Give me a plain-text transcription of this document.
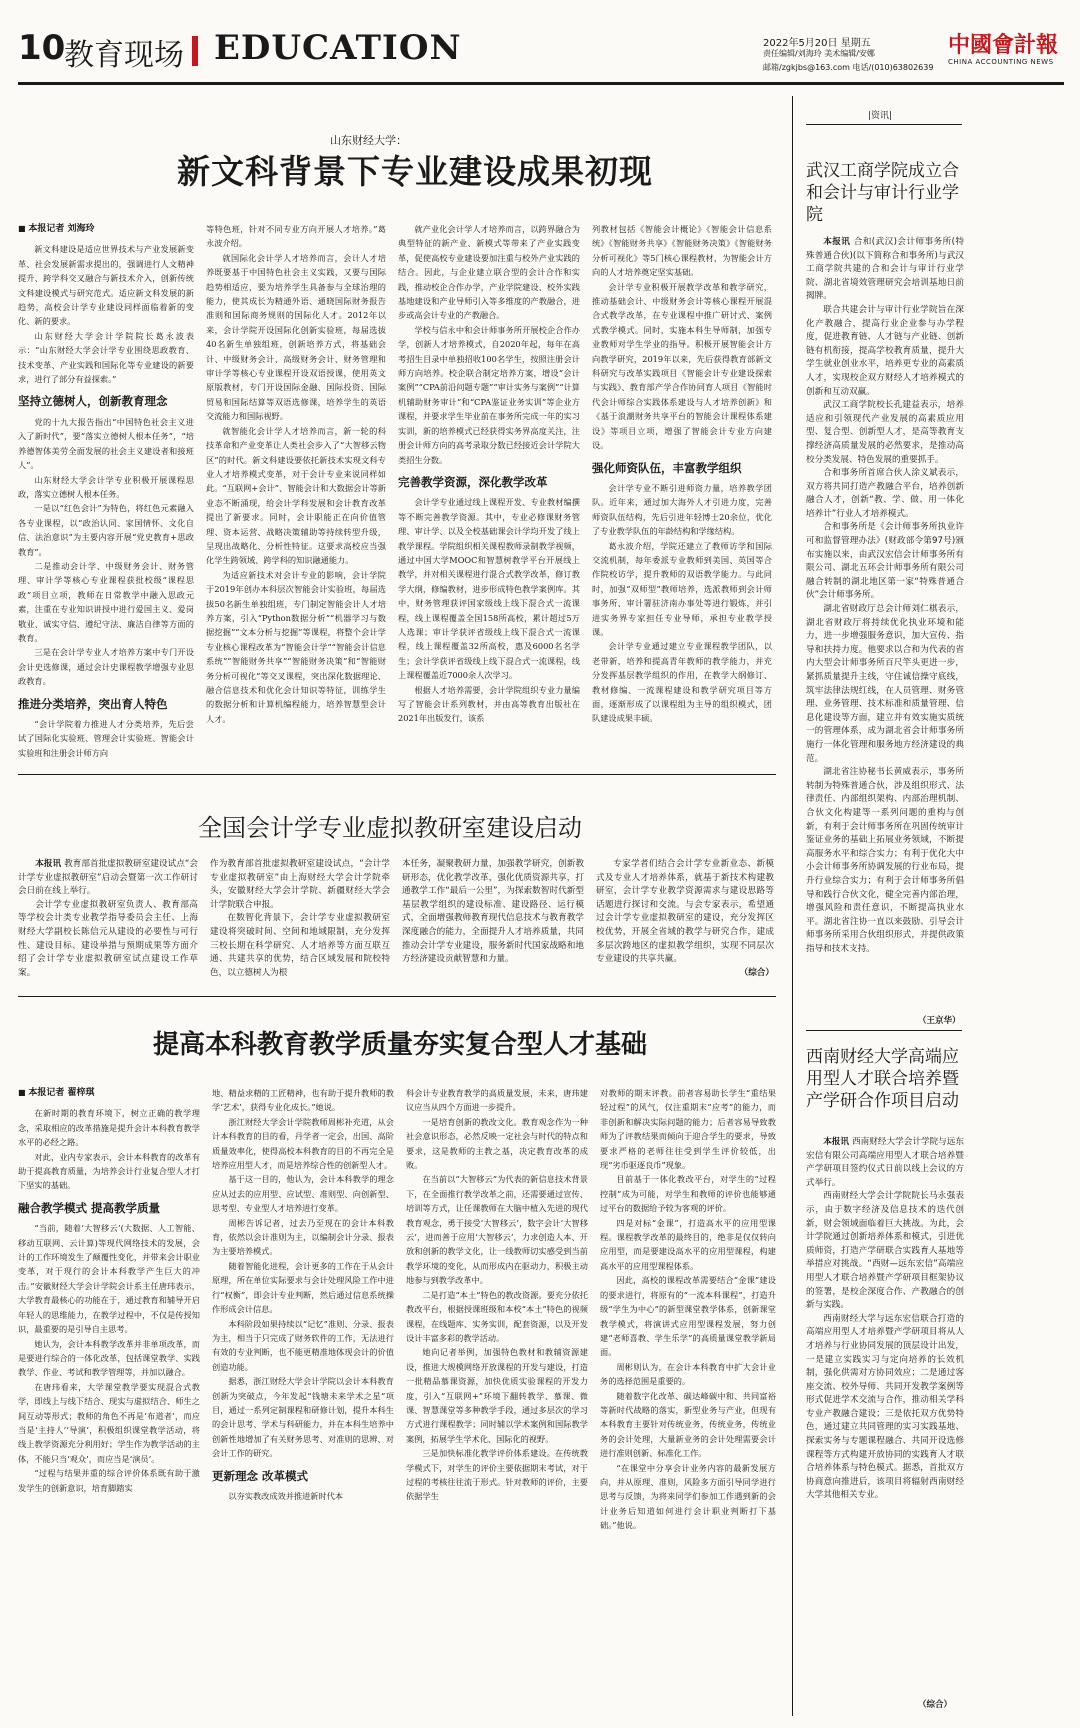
10
教育现场 EDUCATION	2022年5月20日 星期五
责任编辑/刘海玲 美术编辑/安娜
邮箱/zgkjbs@163.com 电话/(010)63802639
中國會計報
CHINA ACCOUNTING NEWS
山东财经大学：
新文科背景下专业建设成果初现
■ 本报记者 刘海玲

新文科建设是适应世界技术与产业发展新变革、社会发展新需求提出的，强调进行人文精神提升、跨学科交叉融合与新技术介入，创新传统文科建设模式与研究范式。适应新文科发展的新趋势，高校会计学专业建设同样面临着新的变化、新的要求。

山东财经大学会计学院院长葛永波表示：“山东财经大学会计学专业围绕思政教育、技术变革、产业实践和国际化等专业建设的新要求，进行了部分有益探索。”

坚持立德树人，创新教育理念

党的十九大报告指出“中国特色社会主义进入了新时代”，要“落实立德树人根本任务”，“培养德智体美劳全面发展的社会主义建设者和接班人”。

山东财经大学会计学专业积极开展课程思政，落实立德树人根本任务。

一是以“红色会计”为特色，将红色元素融入各专业课程，以“政治认同、家国情怀、文化自信、法治意识”为主要内容开展“党史教育+思政教育”。

二是推动会计学、中级财务会计、财务管理、审计学等核心专业课程获批校级“课程思政”项目立项，教师在日常教学中融入思政元素，注重在专业知识讲授中进行爱国主义、爱岗敬业、诚实守信、遵纪守法、廉洁自律等方面的教育。

三是在会计学专业人才培养方案中专门开设会计史选修课，通过会计史课程教学增强专业思政教育。

推进分类培养，突出育人特色

“会计学院着力推进人才分类培养，先后尝试了国际化实验班、管理会计实验班、智能会计实验班和注册会计师方向

等特色班，针对不同专业方向开展人才培养。”葛永波介绍。

就国际化会计学人才培养而言，会计人才培养既要基于中国特色社会主义实践，又要与国际趋势相适应，要为培养学生具备参与全球治理的能力，使其成长为精通外语、通晓国际财务报告准则和国际商务规则的国际化人才。2012年以来，会计学院开设国际化创新实验班，每届选拔40名新生单独组班，创新培养方式，将基础会计、中级财务会计、高级财务会计、财务管理和审计学等核心专业课程开设双语授课，使用英文原版教材，专门开设国际金融、国际投资、国际贸易和国际结算等双语选修课，培养学生的英语交流能力和国际视野。

就智能化会计学人才培养而言，新一轮的科技革命和产业变革让人类社会步入了“大智移云物区”的时代。新文科建设要依托新技术实现文科专业人才培养模式变革，对于会计专业来说同样如此。“互联网+会计”、智能会计和大数据会计等新业态不断涌现，给会计学科发展和会计教育改革提出了新要求。同时，会计职能正在向价值管理、资本运营、战略决策辅助等持续转型升级，呈现出战略化、分析性特征。这要求高校应当强化学生跨领域、跨学科的知识融通能力。

为适应新技术对会计专业的影响，会计学院于2019年创办本科层次智能会计实验班，每届选拔50名新生单独组班，专门制定智能会计人才培养方案，引入“Python数据分析”“机器学习与数据挖掘”“文本分析与挖掘”等课程，将整个会计学专业核心课程改革为“智能会计学”“智能会计信息系统”“智能财务共享”“智能财务决策”和“智能财务分析可视化”等交叉课程，突出深化数据理论、融合信息技术和优化会计知识等特征，训练学生的数据分析和计算机编程能力，培养智慧型会计人才。

就产业化会计学人才培养而言，以跨界融合为典型特征的新产业、新模式等带来了产业实践变革，促使高校专业建设要加注重与校外产业实践的结合。因此，与企业建立联合型的会计合作和实践，推动校企合作办学，产业学院建设、校外实践基地建设和产业导师引入等多维度的产教融合，进步或高会计专业的产教融合。

学校与信永中和会计师事务所开展校企合作办学，创新人才培养模式，自2020年起，每年在高考招生目录中单独招收100名学生，按照注册会计师方向培养。校企联合制定培养方案，增设“会计案例”“CPA前沿问题专题”“审计实务与案例”“计算机辅助财务审计”和“CPA鉴证业务实训”等企业方课程，并要求学生毕业前在事务所完成一年的实习实训，新的培养模式已经获得实务界高度关注，注册会计师方向的高考录取分数已经接近会计学院大类招生分数。

完善教学资源，深化教学改革

会计学专业通过线上课程开发、专业教材编撰等不断完善教学资源。其中，专业必修课财务管理、审计学、以及全校基础课会计学均开发了线上教学课程。学院组织相关课程教师录制教学视频，通过中国大学MOOC和智慧树教学平台开展线上教学，并对相关课程进行混合式教学改革，修订教学大纲，修编教材，进步形成特色教学案例库。其中，财务管理获评国家级线上线下混合式一流课程，线上课程覆盖全国158所高校，累计超过5万人选课；审计学获评省级线上线下混合式一流课程，线上课程覆盖32所高校，惠及6000名名学生；会计学获评省级线上线下混合式一流课程，线上课程覆盖近7000余人次学习。

根据人才培养需要，会计学院组织专业力量编写了智能会计系列教材，并由高等教育出版社在2021年出版发行，该系

列教材包括《智能会计概论》《智能会计信息系统》《智能财务共享》《智能财务决策》《智能财务分析可视化》等5门核心课程教材，为智能会计方向的人才培养奠定坚实基础。

会计学专业积极开展教学改革和教学研究，推动基础会计、中级财务会计等核心课程开展混合式教学改革，在专业课程中推广研讨式、案例式教学模式。同时，实施本科生导师制，加强专业教师对学生学业的指导。积极开展智能会计方向教学研究，2019年以来，先后获得教育部新文科研究与改革实践项目《智能会计专业建设探索与实践》、教育部产学合作协同育人项目《智能时代会计师综合实践体系建设与人才培养创新》和《基于浪潮财务共享平台的智能会计课程体系建设》等项目立项，增强了智能会计专业方向建设。

强化师资队伍，丰富教学组织

会计学专业不断引进师资力量，培养教学团队。近年来，通过加大海外人才引进力度，完善师资队伍结构，先后引进年轻博士20余位，优化了专业教学队伍的年龄结构和学缘结构。

葛永波介绍，学院还建立了教师访学和国际交流机制，每年委派专业教师到美国、英国等合作院校访学，提升教师的双语教学能力。与此同时，加强“双师型”教师培养，选派教师到会计师事务所、审计署驻济南办事处等进行锻炼，并引进实务界专家担任专业导师，承担专业教学授课。

会计学专业通过建立专业课程教学团队，以老带新，培养和提高青年教师的教学能力，并充分发挥基层教学组织的作用，在教学大纲修订、教材修编、一流课程建设和教学研究项目等方面，逐渐形成了以课程组为主导的组织模式，团队建设成果丰硕。

全国会计学专业虚拟教研室建设启动

本报讯 教育部首批虚拟教研室建设试点“会计学专业虚拟教研室”启动会暨第一次工作研讨会日前在线上举行。

会计学专业虚拟教研室负责人、教育部高等学校会计类专业教学指导委员会主任、上海财经大学副校长陈信元从建设的必要性与可行性、建设目标、建设举措与预期成果等方面介绍了会计学专业虚拟教研室试点建设工作草案。

作为教育部首批虚拟教研室建设试点，“会计学专业虚拟教研室”由上海财经大学会计学院牵头，安徽财经大学会计学院、新疆财经大学会计学院联合申报。

在数智化背景下，会计学专业虚拟教研室建设将突破时间、空间和地域限制，充分发挥三校长期在科学研究、人才培养等方面互联互通、共建共享的优势，结合区域发展和院校特色，以立德树人为根

本任务，凝聚教研力量，加强教学研究，创新教研形态，优化教学改革，强化优质资源共享，打通教学工作“最后一公里”，为探索数智时代新型基层教学组织的建设标准、建设路径、运行模式，全面增强教师教育现代信息技术与教育教学深度融合的能力，全面提升人才培养质量，共同推动会计学专业建设，服务新时代国家战略和地方经济建设贡献智慧和力量。

专家学者们结合会计学专业新业态、新模式及专业人才培养体系，就基于新技术构建教研室，会计学专业教学资源需求与建设思路等话题进行探讨和交流。与会专家表示，希望通过会计学专业虚拟教研室的建设，充分发挥区校优势，开展全省域的教学与研究合作，建成多层次跨地区的虚拟教学组织，实现不同层次专业建设的共享共赢。

（综合）

提高本科教育教学质量夯实复合型人才基础
■ 本报记者 翟梓琪

在新时期的教育环境下，树立正确的教学理念，采取相应的改革措施是提升会计本科教育教学水平的必经之路。

对此，业内专家表示，会计本科教育的改革有助于提高教育质量，为培养会计行业复合型人才打下坚实的基础。

融合教学模式 提高教学质量

“当前，随着‘大智移云’(大数据、人工智能、移动互联网、云计算)等现代网络技术的发展，会计的工作环境发生了颠覆性变化，并带来会计职业变革，对于现行的会计本科教学产生巨大的冲击。”安徽财经大学会计学院会计系主任唐玮表示，大学教育最核心的功能在于，通过教育和辅导开启年轻人的思维能力，在教学过程中，不仅是传授知识，最重要的是引导自主思考。

她认为，会计本科教学改革并非单项改革，而是要进行综合的一体化改革，包括课堂教学、实践教学、作业、考试和教学管理等，并加以融合。

在唐玮看来，大学课堂教学要实现混合式教学，即线上与线下结合、现实与虚拟结合、师生之间互动等形式；教师的角色不再是‘布道者’，而应当是‘主持人’‘导演’，积极组织课堂教学活动，将线上教学资源充分利用好；学生作为教学活动的主体，不能只当‘观众’，而应当是‘演员’。

“过程与结果并重的综合评价体系既有助于激发学生的创新意识，培育脚踏实

地、精益求精的工匠精神，也有助于提升教师的教学‘艺术’，获得专业化成长。”她说。

浙江财经大学会计学院教师周彬补充道，从会计本科教育的目的看，丹学者一定会，出国、高阶质量效率化，使得高校本科教育的目的不再完全是培养应用型人才，而是培养综合性的创新型人才。

基于这一目的，他认为，会计本科教学的理念应从过去的应用型、应试型、准则型、向创新型、思考型、专业型人才培养进行变革。

周彬告诉记者，过去乃至现在的会计本科教育，依然以会计准则为主，以编制会计分录、报表为主要培养模式。

随着智能化进程，会计更多的工作在于从会计原理，所在单位实际要求与会计处理风险工作中进行“权衡”，即会计专业判断，然后通过信息系统操作形成会计信息。

本科阶段如果持续以“记忆”准则、分录、报表为主，相当于只完成了财务软件的工作，无法进行有效的专业判断，也不能更精准地体现会计的价值创造功能。

据悉，浙江财经大学会计学院以会计本科教育创新为突破点，今年发起“钱塘未来学术之星”项目，通过一系列定制课程和研修计划，提升本科生的会计思考、学术与科研能力，并在本科生培养中创新性地增加了有关财务思考、对准则的思辨、对会计工作的研究。

更新理念 改革模式

以夯实教改成效并推进新时代本

科会计专业教育教学的高质量发展，未来，唐玮建议应当从四个方面进一步提升。

一是培育创新的教改文化。教育观念作为一种社会意识形态，必然反映一定社会与时代的特点和要求，这是教师的主教之基，决定教育改革的成败。

在当前以“大智移云”为代表的新信息技术背景下，在全面推行教学改革之前，还需要通过宣传、培训等方式，让任课教师在大脑中植入先进的现代教育观念，勇于接受‘大智移云’，数字会计‘大智移云’，进而善于应用‘大智移云’，力求创造人本、开放和创新的教学文化，让一线教师切实感受到当前教学环境的变化，从而形成内在驱动力，积极主动地参与到教学改革中。

二是打造“本土”特色的教改资源。要充分依托教改平台，根据授课班级和本校“本土”特色的视频课程，在线题库、实务实训，配套资源，以及开发设计丰富多彩的教学活动。

她向记者举例，加强特色教材和教辅资源建设，推进大规模网络开放课程的开发与建设，打造一批精品慕课资源，加快优质实验课程的开发力度，引入“互联网+”环境下翻转教学、慕课、微课、智慧课堂等多种教学手段，通过多层次的学习方式进行课程教学；同时辅以学术案例和国际教学案例，拓展学生学术化、国际化的视野。

三是加快标准化教学评价体系建设。在传统教学模式下，对学生的评价主要依据期末考试，对于过程的考核往往流于形式。针对教师的评价，主要依据学生

对教师的期末评教。前者容易助长学生“重结果轻过程”的风气，仅注重期末“应考”的能力，而非创新和解决实际问题的能力；后者容易导致教师为了评教结果而倾向于迎合学生的要求，导致要求严格的老师往往受到学生评价较低，出现“劣币驱逐良币”现象。

目前基于一体化教改平台，对学生的“过程控制”成为可能，对学生和教师的评价也能够通过平台的数据给予较为客观的评价。

四是对标“金课”，打造高水平的应用型课程。课程教学改革的最终目的，绝非是仅仅转向应用型，而是要建设高水平的应用型课程，构建高水平的应用型课程体系。

因此，高校的课程改革需要结合“金课”建设的要求进行，将原有的“一流本科课程”，打造升级“学生为中心”的新型课堂教学体系，创新课堂教学模式，将演讲式应用型课程发展，努力创建“老师喜教、学生乐学”的高质量课堂教学新局面。

周彬则认为，在会计本科教育中扩大会计业务的选择范围是重要的。

随着数字化改革、碳达峰碳中和、共同富裕等新时代战略的落实，新型业务与产业，但现有本科教育主要针对传统业务，传统业务，传统业务的会计处理，大量新业务的会计处理需要会计进行准则创新、标准化工作。

“在课堂中分享会计业务内容的最新发展方向，并从原理、准则，风险多方面引导同学进行思考与反馈，为将来同学们参加工作遇到新的会计业务后知道如何进行会计职业判断打下基础。”他说。

|资讯|
武汉工商学院成立合和会计与审计行业学院

本报讯 合和(武汉)会计师事务所(特殊普通合伙)(以下简称合和事务所)与武汉工商学院共建的合和会计与审计行业学院、湖北省境效管理研究会培训基地日前揭牌。

联合共建会计与审计行业学院旨在深化产教融合，提高行业企业参与办学程度，促进教育链、人才链与产业链、创新链有机衔接，提高学校教育质量，提升大学生就业创业水平，培养更专业的高素质人才，实现校企双方财经人才培养模式的创新和互动双赢。

武汉工商学院校长孔建益表示，培养适应和引领现代产业发展的高素质应用型、复合型、创新型人才，是高等教育支撑经济高质量发展的必然要求，是推动高校分类发展、特色发展的重要抓手。

合和事务所首席合伙人涂义斌表示，双方将共同打造产教融合平台，培养创新融合人才，创新“教、学、做、用一体化培养计”行业人才培养模式。

合和事务所是《会计师事务所执业许可和监督管理办法》(财政部令第97号)颁布实施以来，由武汉宏信会计师事务所有限公司、湖北五环会计师事务所有限公司融合转制的湖北地区第一家“特殊普通合伙”会计师事务所。

湖北省财政厅总会计师刘仁棋表示，湖北省财政厅将持续优化执业环境和能力，进一步增强服务意识，加大宣传、指导和扶持力度。他要求以合和为代表的省内大型会计师事务所百尺竿头更进一步，紧抓质量提升主线，守住诚信操守底线，筑牢法律法规红线，在人员管理、财务管理、业务管理、技术标准和质量管理、信息化建设等方面，建立并有效实施实质统一的管理体系，成为湖北省会计师事务所施行一体化管理和服务地方经济建设的典范。

湖北省注协秘书长黄威表示，事务所转制为特殊普通合伙，涉及组织形式、法律责任、内部组织架构、内部治理机制、合伙文化构建等一系列问题的重构与创新，有利于会计师事务所在巩固传统审计鉴证业务的基础上拓展业务领域，不断提高服务水平和综合实力；有利于优化大中小会计师事务所协调发展的行业布局，提升行业综合实力；有利于会计师事务所倡导和践行合伙文化，健全完善内部治理，增强风险和责任意识，不断提高执业水平。湖北省注协一直以来鼓励、引导会计师事务所采用合伙组织形式，并提供政策指导和技术支持。

（王京华）
西南财经大学高端应用型人才联合培养暨产学研合作项目启动

本报讯 西南财经大学会计学院与远东宏信有限公司高端应用型人才联合培养暨产学研项目签约仪式日前以线上会议的方式举行。

西南财经大学会计学院院长马永强表示，由于数字经济及信息技术的迭代创新，财会领域面临着巨大挑战。为此，会计学院通过创新培养体系和模式，引进优质师资，打造产学研联合实践育人基地等举措应对挑战。“西财—远东宏信”高端应用型人才联合培养暨产学研项目框架协议的签署，是校企深度合作、产教融合的创新与实践。

西南财经大学与远东宏信联合打造的高端应用型人才培养暨产学研项目将从人才培养与行业协同发展的顶层设计出发，一是建立实践实习与定向培养的长效机制，强化供需对方协同效应；二是通过客座交流、校外导师、共同开发教学案例等形式促进学术交流与合作，推动相关学科专业产教融合建设；三是依托双方优势特色，通过建立共同管理的实习实践基地、探索实务与专题课程融合、共同开设选修课程等方式构建开放协同的实践育人才联合培养体系与特色模式。据悉，首批双方协商意向推进后，该项目将辐射西南财经大学其他相关专业。

（综合）
